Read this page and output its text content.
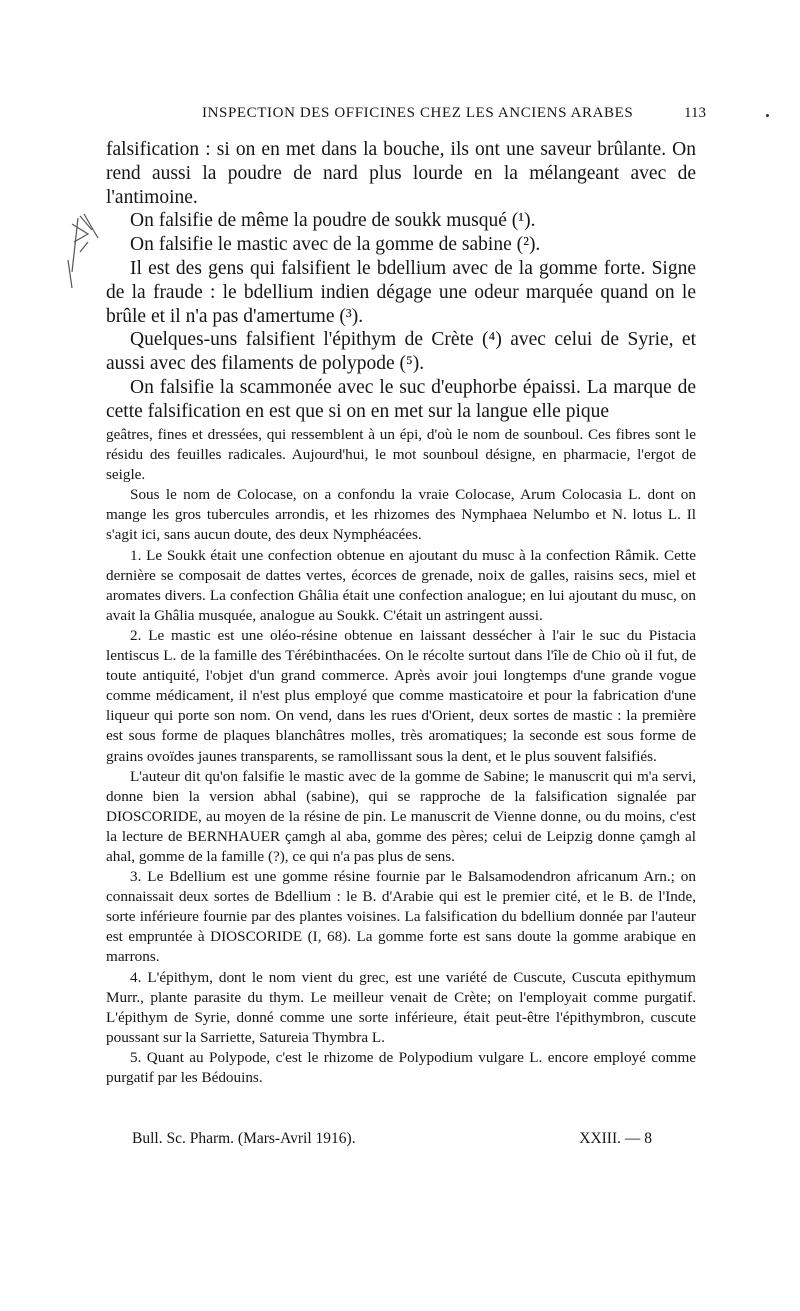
INSPECTION DES OFFICINES CHEZ LES ANCIENS ARABES	113

falsification : si on en met dans la bouche, ils ont une saveur brûlante. On rend aussi la poudre de nard plus lourde en la mélangeant avec de l'antimoine.

On falsifie de même la poudre de soukk musqué (¹).

On falsifie le mastic avec de la gomme de sabine (²).

Il est des gens qui falsifient le bdellium avec de la gomme forte. Signe de la fraude : le bdellium indien dégage une odeur marquée quand on le brûle et il n'a pas d'amertume (³).

Quelques-uns falsifient l'épithym de Crète (⁴) avec celui de Syrie, et aussi avec des filaments de polypode (⁵).

On falsifie la scammonée avec le suc d'euphorbe épaissi. La marque de cette falsification en est que si on en met sur la langue elle pique

geâtres, fines et dressées, qui ressemblent à un épi, d'où le nom de sounboul. Ces fibres sont le résidu des feuilles radicales. Aujourd'hui, le mot sounboul désigne, en pharmacie, l'ergot de seigle.

Sous le nom de Colocase, on a confondu la vraie Colocase, Arum Colocasia L. dont on mange les gros tubercules arrondis, et les rhizomes des Nymphaea Nelumbo et N. lotus L. Il s'agit ici, sans aucun doute, des deux Nymphéacées.

1. Le Soukk était une confection obtenue en ajoutant du musc à la confection Râmik. Cette dernière se composait de dattes vertes, écorces de grenade, noix de galles, raisins secs, miel et aromates divers. La confection Ghâlia était une confection analogue; en lui ajoutant du musc, on avait la Ghâlia musquée, analogue au Soukk. C'était un astringent aussi.

2. Le mastic est une oléo-résine obtenue en laissant dessécher à l'air le suc du Pistacia lentiscus L. de la famille des Térébinthacées. On le récolte surtout dans l'île de Chio où il fut, de toute antiquité, l'objet d'un grand commerce. Après avoir joui longtemps d'une grande vogue comme médicament, il n'est plus employé que comme masticatoire et pour la fabrication d'une liqueur qui porte son nom. On vend, dans les rues d'Orient, deux sortes de mastic : la première est sous forme de plaques blanchâtres molles, très aromatiques; la seconde est sous forme de grains ovoïdes jaunes transparents, se ramollissant sous la dent, et le plus souvent falsifiés.

L'auteur dit qu'on falsifie le mastic avec de la gomme de Sabine; le manuscrit qui m'a servi, donne bien la version abhal (sabine), qui se rapproche de la falsification signalée par DIOSCORIDE, au moyen de la résine de pin. Le manuscrit de Vienne donne, ou du moins, c'est la lecture de BERNHAUER çamgh al aba, gomme des pères; celui de Leipzig donne çamgh al ahal, gomme de la famille (?), ce qui n'a pas plus de sens.

3. Le Bdellium est une gomme résine fournie par le Balsamodendron africanum Arn.; on connaissait deux sortes de Bdellium : le B. d'Arabie qui est le premier cité, et le B. de l'Inde, sorte inférieure fournie par des plantes voisines. La falsification du bdellium donnée par l'auteur est empruntée à DIOSCORIDE (I, 68). La gomme forte est sans doute la gomme arabique en marrons.

4. L'épithym, dont le nom vient du grec, est une variété de Cuscute, Cuscuta epithymum Murr., plante parasite du thym. Le meilleur venait de Crète; on l'employait comme purgatif. L'épithym de Syrie, donné comme une sorte inférieure, était peut-être l'épithymbron, cuscute poussant sur la Sarriette, Satureia Thymbra L.

5. Quant au Polypode, c'est le rhizome de Polypodium vulgare L. encore employé comme purgatif par les Bédouins.

Bull. Sc. Pharm. (Mars-Avril 1916).	XXIII. — 8
